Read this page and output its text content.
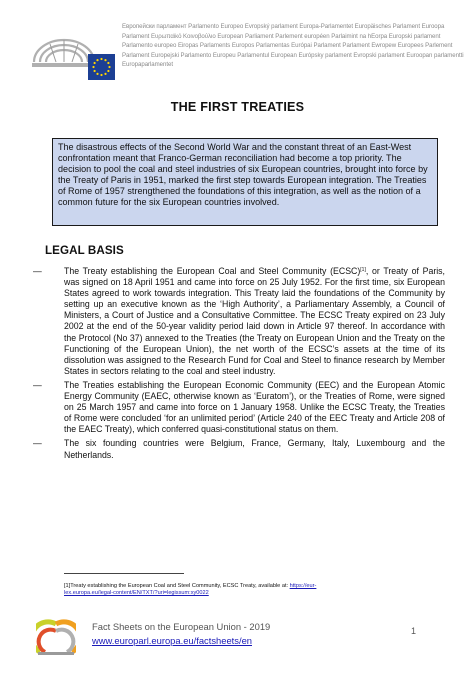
Европейски парламент Parlamento Europeo Evropský parlament Europa-Parlamentet Europäisches Parlament Euroopa Parlament Ευρωπαϊκό Κοινοβούλιο European Parliament Parlement européen Parlaimint na hEorpa Europski parlament Parlamento europeo Eiropas Parlaments Europos Parlamentas Európai Parlament Parlament Ewropew Europees Parlement Parlament Europejski Parlamento Europeu Parlamentul European Európsky parlament Evropski parlament Euroopan parlamentti Europaparlamentet
THE FIRST TREATIES
The disastrous effects of the Second World War and the constant threat of an East-West confrontation meant that Franco-German reconciliation had become a top priority. The decision to pool the coal and steel industries of six European countries, brought into force by the Treaty of Paris in 1951, marked the first step towards European integration. The Treaties of Rome of 1957 strengthened the foundations of this integration, as well as the notion of a common future for the six European countries involved.
LEGAL BASIS
—	The Treaty establishing the European Coal and Steel Community (ECSC)[1], or Treaty of Paris, was signed on 18 April 1951 and came into force on 25 July 1952. For the first time, six European States agreed to work towards integration. This Treaty laid the foundations of the Community by setting up an executive known as the ‘High Authority’, a Parliamentary Assembly, a Council of Ministers, a Court of Justice and a Consultative Committee. The ECSC Treaty expired on 23 July 2002 at the end of the 50-year validity period laid down in Article 97 thereof. In accordance with the Protocol (No 37) annexed to the Treaties (the Treaty on European Union and the Treaty on the Functioning of the European Union), the net worth of the ECSC’s assets at the time of its dissolution was assigned to the Research Fund for Coal and Steel to finance research by Member States in sectors relating to the coal and steel industry.
—	The Treaties establishing the European Economic Community (EEC) and the European Atomic Energy Community (EAEC, otherwise known as ‘Euratom’), or the Treaties of Rome, were signed on 25 March 1957 and came into force on 1 January 1958. Unlike the ECSC Treaty, the Treaties of Rome were concluded ‘for an unlimited period’ (Article 240 of the EEC Treaty and Article 208 of the EAEC Treaty), which conferred quasi-constitutional status on them.
—	The six founding countries were Belgium, France, Germany, Italy, Luxembourg and the Netherlands.
[1]Treaty establishing the European Coal and Steel Community, ECSC Treaty, available at: https://eur-lex.europa.eu/legal-content/EN/TXT/?uri=legissum:xy0022
Fact Sheets on the European Union - 2019
www.europarl.europa.eu/factsheets/en
1
